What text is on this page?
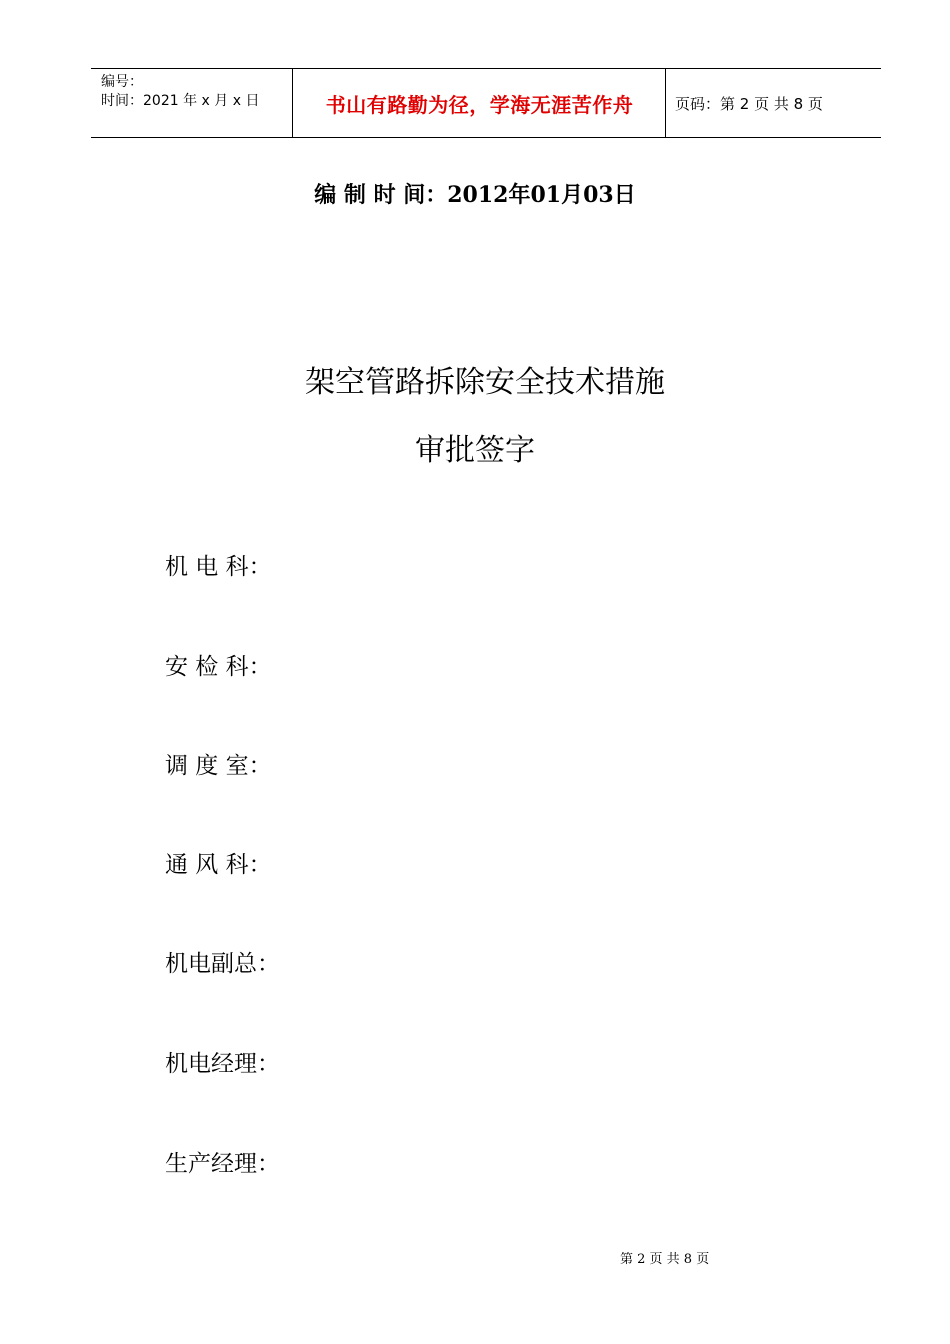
编号：
时间：2021 年 x 月 x 日	书山有路勤为径，学海无涯苦作舟	页码：第 2 页 共 8 页
编 制 时 间：2012年01月03日
架空管路拆除安全技术措施
审批签字
机 电 科：
安 检 科：
调 度 室：
通 风 科：
机电副总：
机电经理：
生产经理：
第 2 页 共 8 页
